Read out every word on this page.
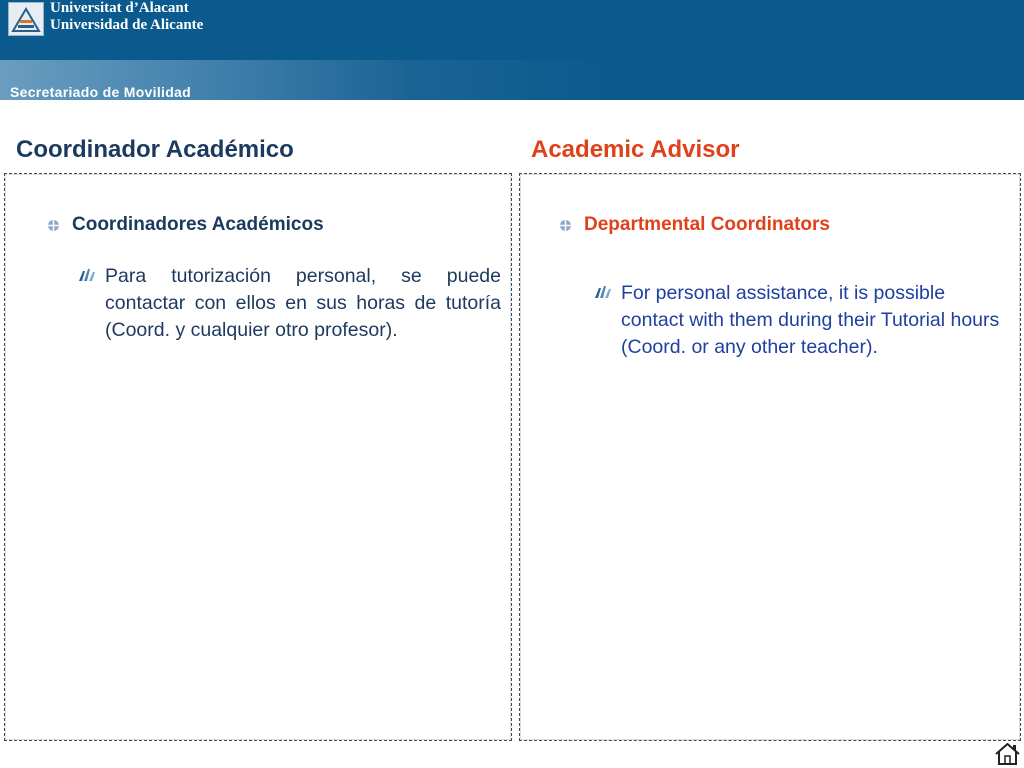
Universitat d’Alacant
Universidad de Alicante
Secretariado de Movilidad
Coordinador Académico	Academic Advisor
Coordinadores Académicos
Para tutorización personal, se puede contactar con ellos en sus horas de tutoría (Coord. y cualquier otro profesor).
Departmental Coordinators
For personal assistance, it is possible contact with them during their Tutorial hours (Coord. or any other teacher).
